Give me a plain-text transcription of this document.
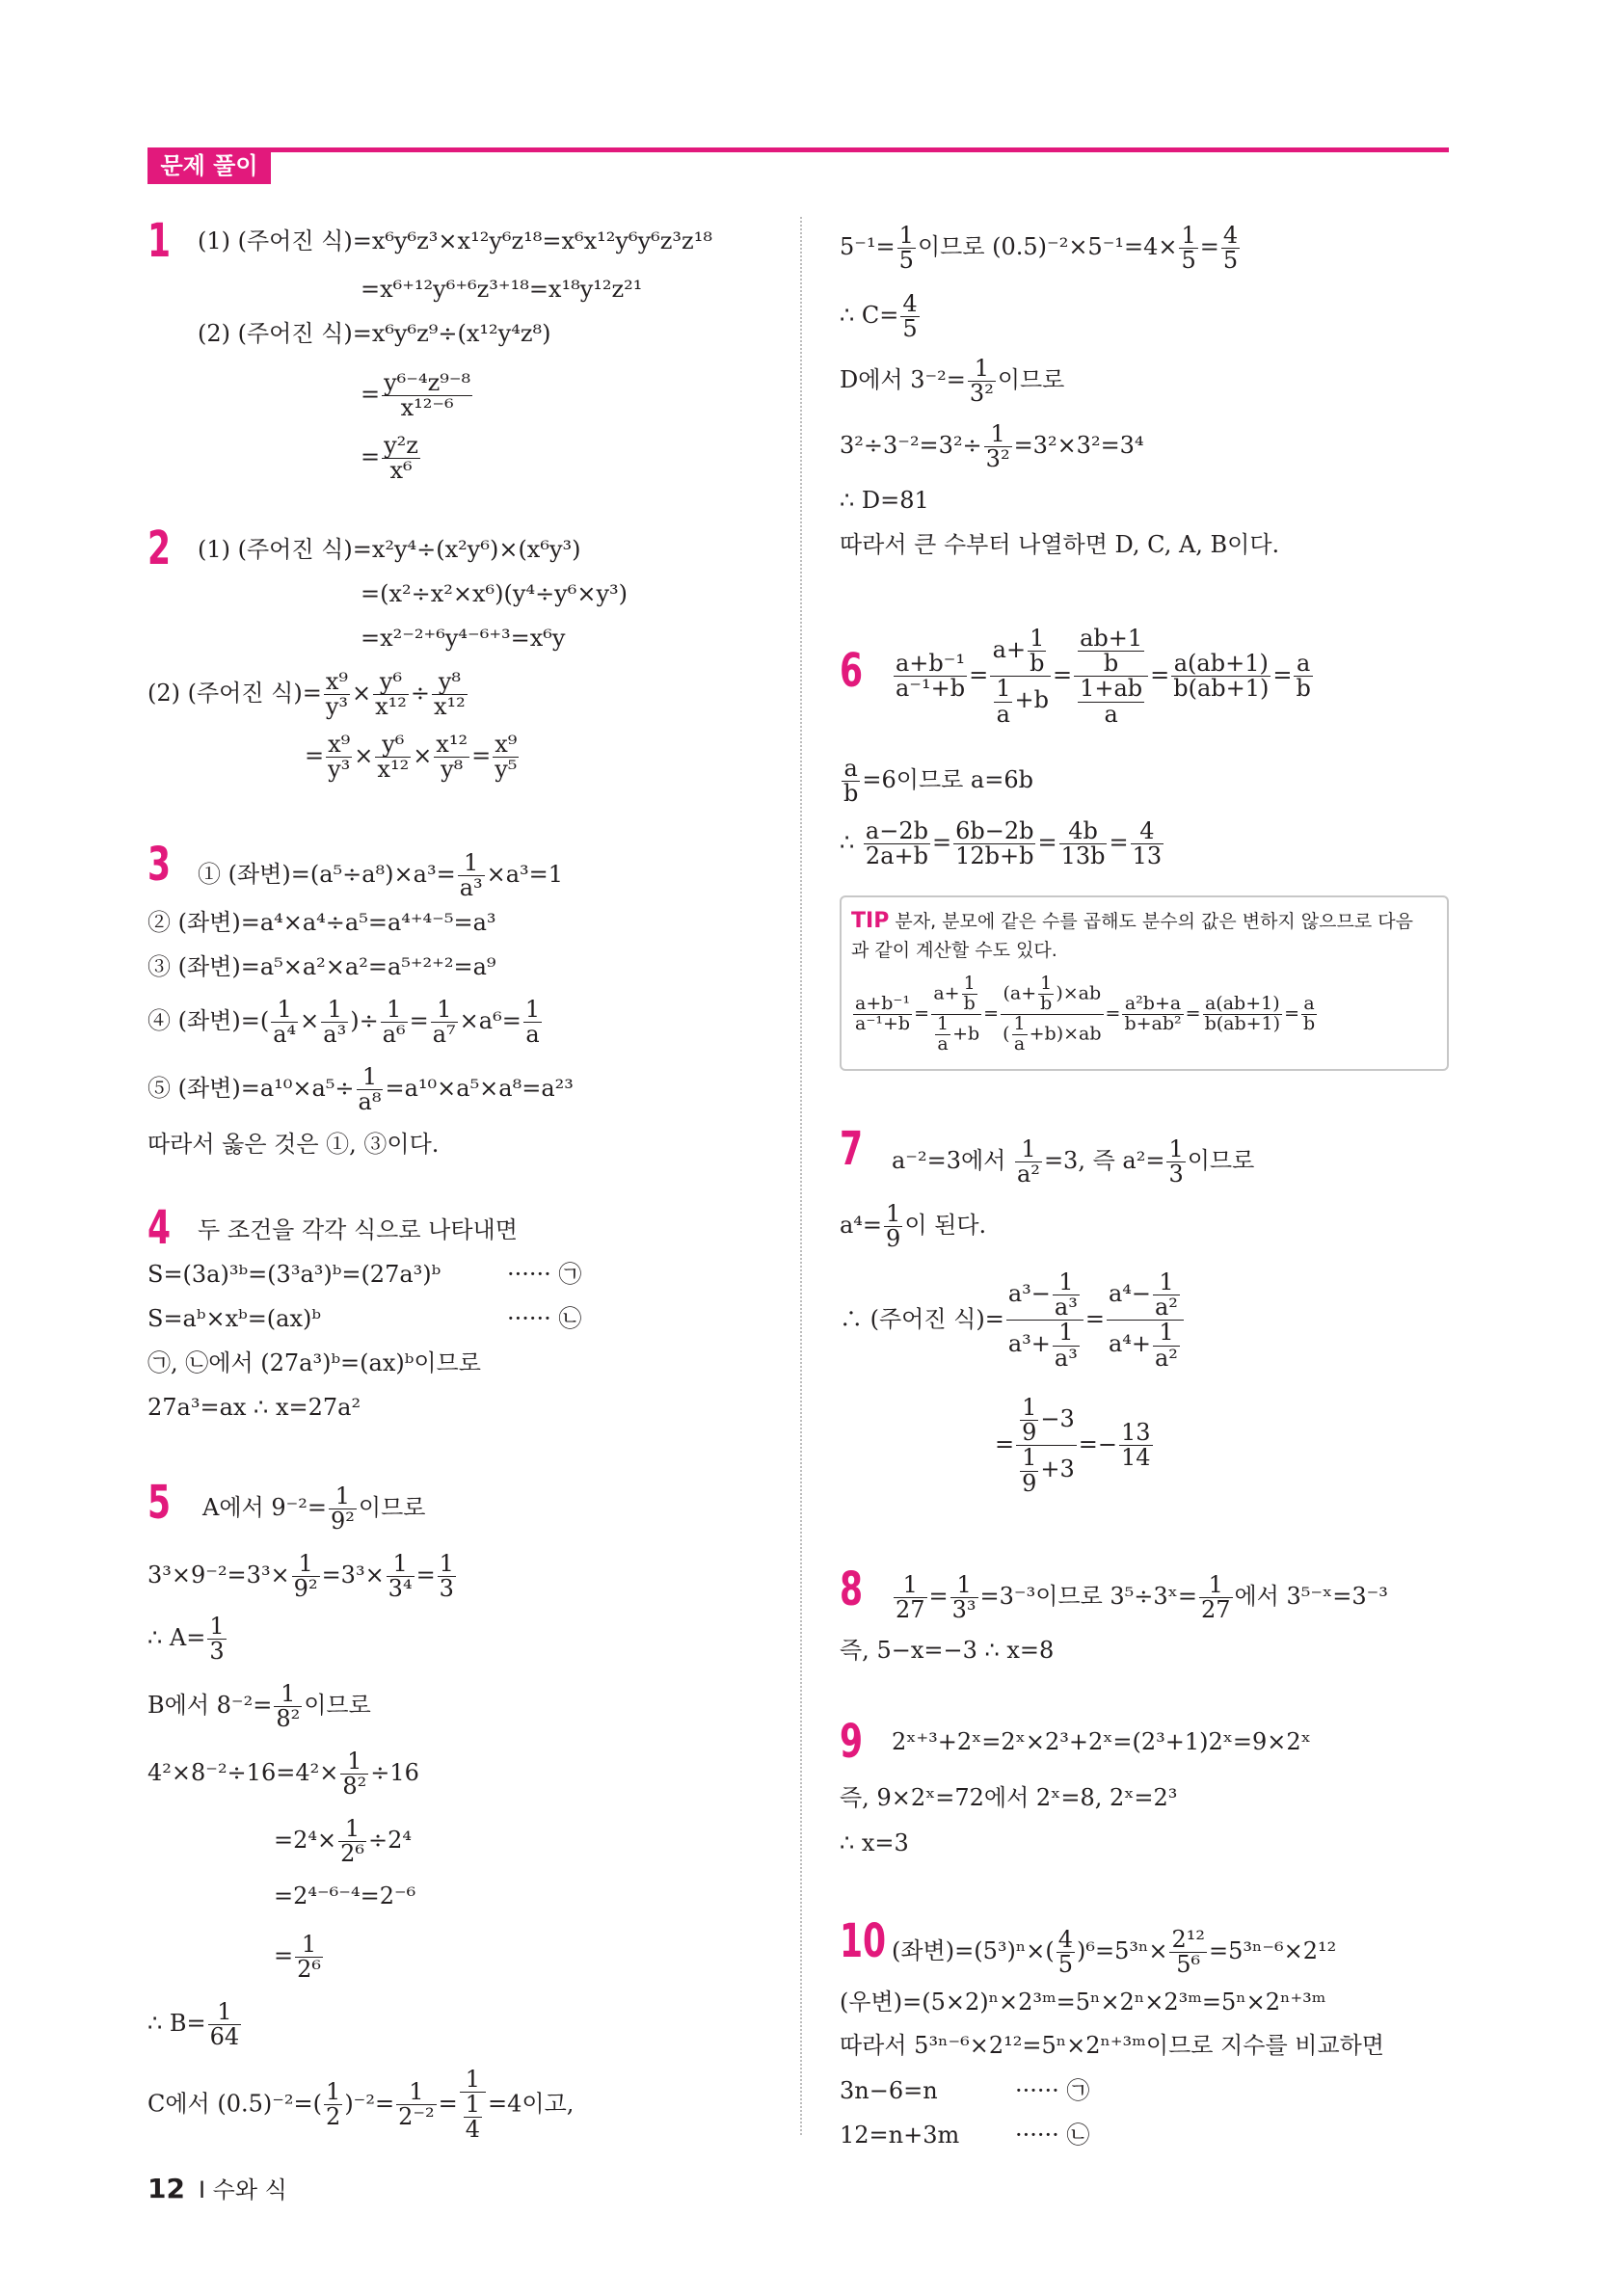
문제 풀이
1 (1) (주어진 식)=x⁶y⁶z³×x¹²y⁶z¹⁸=x⁶x¹²y⁶y⁶z³z¹⁸
=x⁶⁺¹²y⁶⁺⁶z³⁺¹⁸=x¹⁸y¹²z²¹
(2) (주어진 식)=x⁶y⁶z⁹÷(x¹²y⁴z⁸)
= $\frac{\text{y⁶⁻⁴z⁹⁻⁸}}{\text{x¹²⁻⁶}}$
= $\frac{\text{y²z}}{\text{x⁶}}$
2 (1) (주어진 식)=x²y⁴÷(x²y⁶)×(x⁶y³)
=(x²÷x²×x⁶)(y⁴÷y⁶×y³)
=x²⁻²⁺⁶y⁴⁻⁶⁺³=x⁶y
(2) (주어진 식)= $\frac{\text{x⁹}}{\text{y³}} \times \frac{\text{y⁶}}{\text{x¹²}} \div \frac{\text{y⁸}}{\text{x¹²}}$
= $\frac{\text{x⁹}}{\text{y³}} \times \frac{\text{y⁶}}{\text{x¹²}} \times \frac{\text{x¹²}}{\text{y⁸}} = \frac{\text{x⁹}}{\text{y⁵}}$
3 ① (좌변)$=(a^5\div a^8)\times a^3= \frac{1}{\text{a³}} \times a^3=1$
② (좌변)=a⁴×a⁴÷a⁵=a⁴⁺⁴⁻⁵=a³
③ (좌변)=a⁵×a²×a²=a⁵⁺²⁺²=a⁹
④ (좌변)=( $\frac{1}{\text{a⁴}} \times \frac{1}{\text{a³}}$ )÷ $\frac{1}{\text{a⁶}} = \frac{1}{\text{a⁷}} \times a^6= \frac{1}{a}$
⑤ (좌변)$=a^{10}\times a^5\div \frac{1}{\text{a⁸}} =a^{10}\times a^5\times a^8=a^{23}$
따라서 옳은 것은 ①, ③이다.
4 두 조건을 각각 식으로 나타내면
S=(3a)³ᵇ=(3³a³)ᵇ=(27a³)ᵇ	······ ㉠
S=aᵇ×xᵇ=(ax)ᵇ	······ ㉡
㉠, ㉡에서 (27a³)ᵇ=(ax)ᵇ이므로
27a³=ax ∴ x=27a²
5 A에서 $9^{-2}= \frac{1}{\text{9²}}$ 이므로
$3^3\times 9^{-2}=3^3\times \frac{1}{\text{9²}} =3^3\times \frac{1}{\text{3⁴}} = \frac{1}{3}$
∴ $A= \frac{1}{3}$
B에서 $8^{-2}= \frac{1}{\text{8²}}$ 이므로
$4^2\times 8^{-2}\div 16=4^2\times \frac{1}{\text{8²}} \div 16$
$=2^4\times \frac{1}{\text{2⁶}} \div 2^4$
=2⁴⁻⁶⁻⁴=2⁻⁶
= $\frac{1}{\text{2⁶}}$
∴ $B= \frac{1}{64}$
C에서 $(0.5)^{-2}=( \frac{1}{2} )^{-2}= \frac{1}{\text{2⁻²}} = \frac{1}{\frac{1}{4}} =4$이고,
$5^{-1}= \frac{1}{5}$ 이므로 $(0.5)^{-2}\times 5^{-1}=4\times \frac{1}{5} = \frac{4}{5}$
∴ $C= \frac{4}{5}$
D에서 $3^{-2}= \frac{1}{\text{3²}}$ 이므로
$3^2\div 3^{-2}=3^2\div \frac{1}{\text{3²}} =3^2\times 3^2=3^4$
∴ D=81
따라서 큰 수부터 나열하면 D, C, A, B이다.
$6 \frac{\text{a+b⁻¹}}{\text{a⁻¹+b}} = \frac{a+ \frac{1}{b}}{\frac{1}{a} +b} = \frac{ab+1}{b}$
$\frac{1+ab}{a}$
= $\frac{a(ab+1)}{b(ab+1)} = \frac{a}{b}$
$\frac{a}{b} =6$이므로 a=6b
∴ $\frac{a-2b}{2a+b} = \frac{6b-2b}{12b+b} = \frac{4b}{13b} = \frac{4}{13}$
TIP 분자, 분모에 같은 수를 곱해도 분수의 값은 변하지 않으므로 다음
과 같이 계산할 수도 있다.
$\frac{\text{a+b⁻¹}}{\text{a⁻¹+b}} = \frac{a+ \frac{1}{b}}{\frac{1}{a} +b} = \frac{(a+ \frac{1}{b} )\times ab}{( \frac{1}{a} +b)\times ab} = \frac{\text{a²b+a}}{\text{b+ab²}} = \frac{a(ab+1)}{b(ab+1)} = \frac{a}{b}$
7 a⁻²=3에서 $\frac{1}{\text{a²}} =3$, 즉 $a^2= \frac{1}{3}$ 이므로
$a^4= \frac{1}{9}$ 이 된다.
∴ (주어진 식)= $\frac{a^3- \frac{1}{\text{a³}}}{a^3+ \frac{1}{\text{a³}}} = \frac{a^4- \frac{1}{\text{a²}}}{a^4+ \frac{1}{\text{a²}}}$
= $\frac{\frac{1}{9} -3}{\frac{1}{9} +3} =- \frac{13}{14}$
$8 \frac{1}{27} = \frac{1}{\text{3³}} =3^{-3}$이므로 3⁵÷3ˣ= $\frac{1}{27}$ 에서 3⁵⁻ˣ=3⁻³
즉, 5−x=−3 ∴ x=8
9 2ˣ⁺³+2ˣ=2ˣ×2³+2ˣ=(2³+1)2ˣ=9×2ˣ
즉, 9×2ˣ=72에서 2ˣ=8, 2ˣ=2³
∴ x=3
10 (좌변)$=(5^3)^n\times( \frac{4}{5} )^6=5^{3n}\times \frac{\text{2¹²}}{\text{5⁶}} =5^{3n-6}\times 2^{12}$
(우변)=(5×2)ⁿ×2³ᵐ=5ⁿ×2ⁿ×2³ᵐ=5ⁿ×2ⁿ⁺³ᵐ
따라서 5³ⁿ⁻⁶×2¹²=5ⁿ×2ⁿ⁺³ᵐ이므로 지수를 비교하면
3n−6=n	······ ㉠
12=n+3m ······ ㉡
12 Ⅰ 수와 식
